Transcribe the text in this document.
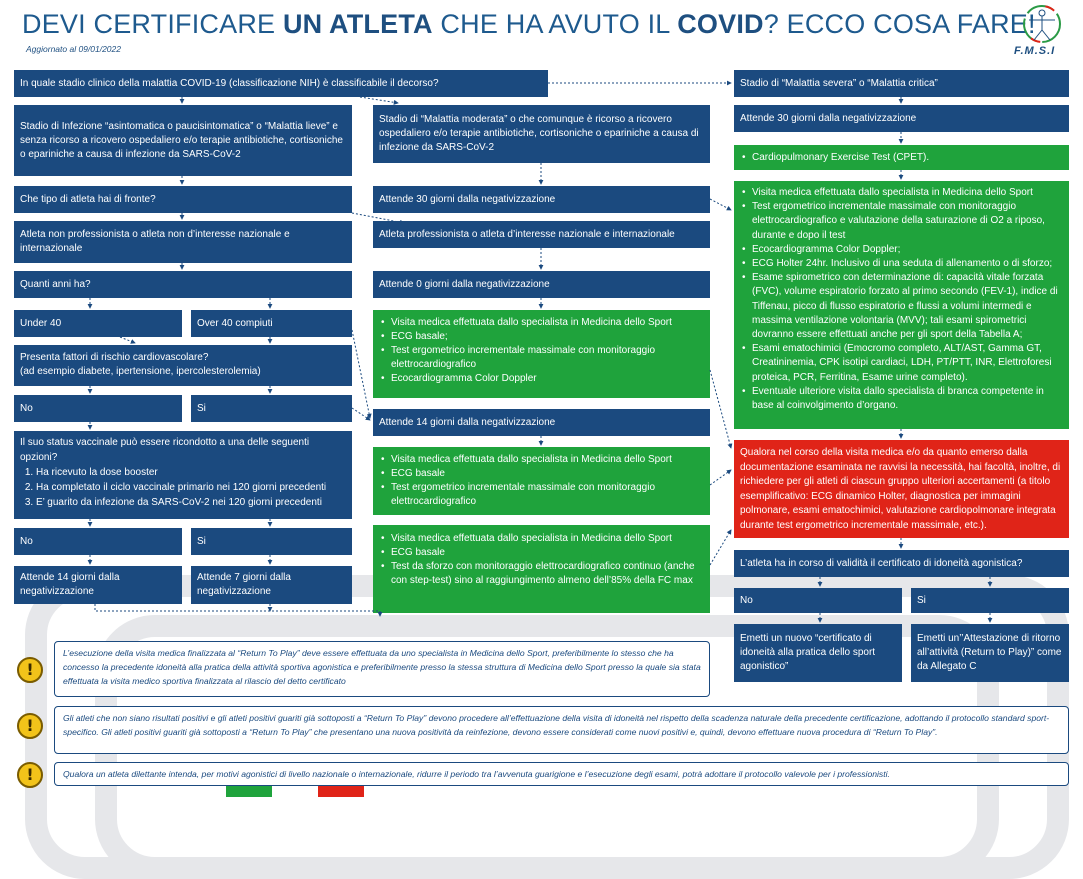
DEVI CERTIFICARE UN ATLETA CHE HA AVUTO IL COVID? ECCO COSA FARE!
Aggiornato al 09/01/2022	F.M.S.I
In quale stadio clinico della malattia COVID-19 (classificazione NIH) è classificabile il decorso?
Stadio di Infezione “asintomatica o paucisintomatica” o “Malattia lieve” e senza ricorso a ricovero ospedaliero e/o terapie antibiotiche, cortisoniche o epariniche a causa di infezione da SARS-CoV-2
Che tipo di atleta hai di fronte?
Atleta non professionista o atleta non d’interesse nazionale e internazionale
Quanti anni ha?
Under 40	Over 40 compiuti
Presenta fattori di rischio cardiovascolare?
(ad esempio diabete, ipertensione, ipercolesterolemia)
No	Si
Il suo status vaccinale può essere ricondotto a una delle seguenti opzioni?
1. Ha ricevuto la dose booster
2. Ha completato il ciclo vaccinale primario nei 120 giorni precedenti
3. E’ guarito da infezione da SARS-CoV-2 nei 120 giorni precedenti
No	Si
Attende 14 giorni dalla negativizzazione
Attende 7 giorni dalla negativizzazione
Stadio di “Malattia moderata” o che comunque è ricorso a ricovero ospedaliero e/o terapie antibiotiche, cortisoniche o epariniche a causa di infezione da SARS-CoV-2
Attende 30 giorni dalla negativizzazione
Atleta professionista o atleta d’interesse nazionale e internazionale
Attende 0 giorni dalla negativizzazione
• Visita medica effettuata dallo specialista in Medicina dello Sport
• ECG basale;
• Test ergometrico incrementale massimale con monitoraggio elettrocardiografico
• Ecocardiogramma Color Doppler
Attende 14 giorni dalla negativizzazione
• Visita medica effettuata dallo specialista in Medicina dello Sport
• ECG basale
• Test ergometrico incrementale massimale con monitoraggio elettrocardiografico
• Visita medica effettuata dallo specialista in Medicina dello Sport
• ECG basale
• Test da sforzo con monitoraggio elettrocardiografico continuo (anche con step-test) sino al raggiungimento almeno dell’85% della FC max
Stadio di “Malattia severa” o “Malattia critica”
Attende 30 giorni dalla negativizzazione
• Cardiopulmonary Exercise Test (CPET).
• Visita medica effettuata dallo specialista in Medicina dello Sport
• Test ergometrico incrementale massimale con monitoraggio elettrocardiografico e valutazione della saturazione di O2 a riposo, durante e dopo il test
• Ecocardiogramma Color Doppler;
• ECG Holter 24hr. Inclusivo di una seduta di allenamento o di sforzo;
• Esame spirometrico con determinazione di: capacità vitale forzata (FVC), volume espiratorio forzato al primo secondo (FEV-1), indice di Tiffenau, picco di flusso espiratorio e flussi a volumi intermedi e massima ventilazione volontaria (MVV); tali esami spirometrici dovranno essere effettuati anche per gli sport della Tabella A;
• Esami ematochimici (Emocromo completo, ALT/AST, Gamma GT, Creatininemia, CPK isotipi cardiaci, LDH, PT/PTT, INR, Elettroforesi proteica, PCR, Ferritina, Esame urine completo).
• Eventuale ulteriore visita dallo specialista di branca competente in base al coinvolgimento d’organo.
Qualora nel corso della visita medica e/o da quanto emerso dalla documentazione esaminata ne ravvisi la necessità, hai facoltà, inoltre, di richiedere per gli atleti di ciascun gruppo ulteriori accertamenti (a titolo esemplificativo: ECG dinamico Holter, diagnostica per immagini polmonare, esami ematochimici, valutazione cardiopolmonare integrata durante test ergometrico incrementale massimale, etc.).
L’atleta ha in corso di validità il certificato di idoneità agonistica?
No	Si
Emetti un nuovo “certificato di idoneità alla pratica dello sport agonistico”
Emetti un’’Attestazione di ritorno all’attività (Return to Play)” come da Allegato C
!
L’esecuzione della visita medica finalizzata al “Return To Play” deve essere effettuata da uno specialista in Medicina dello Sport, preferibilmente lo stesso che ha concesso la precedente idoneità alla pratica della attività sportiva agonistica e preferibilmente presso la stessa struttura di Medicina dello Sport presso la quale sia stata effettuata la visita medico sportiva finalizzata al rilascio del detto certificato
!	Gli atleti che non siano risultati positivi e gli atleti positivi guariti già sottoposti a “Return To Play” devono procedere all’effettuazione della visita di idoneità nel rispetto della scadenza naturale della precedente certificazione, adottando il protocollo standard sport-specifico. Gli atleti positivi guariti già sottoposti a “Return To Play” che presentano una nuova positività da reinfezione, devono essere considerati come nuovi positivi e, quindi, devono effettuare nuova procedura di “Return To Play”.
!	Qualora un atleta dilettante intenda, per motivi agonistici di livello nazionale o internazionale, ridurre il periodo tra l’avvenuta guarigione e l’esecuzione degli esami, potrà adottare il protocollo valevole per i professionisti.
